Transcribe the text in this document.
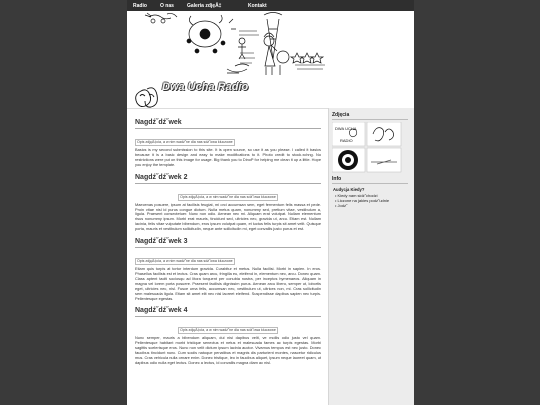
Radio	O nas	Galeria zdjęÄ‡	Kontakt
Dwa Ucha Radio
Nagdź˝dź˝wek
Opis zdjęÄ‡cia, a w nim wadź˝ne dla nas sdź˝owa kluczowe

Basics is my second submission to this site. It is open source, so use it as you please. I called it basics because it is a basic design and easy to make modifications to it. Photo credit to stock.xchng. No restrictions were put on this image for usage. Big thank you to DinoP for helping me clean it up a little. Hope you enjoy the template.

Nagdź˝dź˝wek 2
Opis zdjęÄ‡cia, a w nim wadź˝ne dla nas sdź˝owa kluczowe

Maecenas posuere, ipsum at facilisis feugiat, mi orci accumsan sem, eget fermentum felis massa et pede. Proin vitae nisl id purus congue dictum. Nulla metus quam, nonummy sed, pretium vitae, vestibulum a, ligula. Praesent consectetuer. Nunc non odio. Aenean nec mi. Aliquam erat volutpat. Nullam elementum risus nonummy ipsum. Morbi erat mauris, tincidunt sed, ultricies nec, gravida ut, arcu. Etiam est. Nullam lacinia, felis vitae vulputate bibendum, eros ipsum volutpat quam, et luctus felis turpis sit amet velit. Quisque porta, mauris et vestibulum sollicitudin, neque ante sollicitudin mi, eget convallis justo purus et est.

Nagdź˝dź˝wek 3
Opis zdjęÄ‡cia, a w nim wadź˝ne dla nas sdź˝owa kluczowe

Etiam quis turpis at tortor interdum gravida. Curabitur et metus. Nulla facilisi. Morbi in sapien. In eros. Phasellus facilisis est et lectus. Cras quam arcu, fringilla eu, eleifend in, elementum nec, arcu. Donec quam. Class aptent taciti sociosqu ad litora torquent per conubia nostra, per inceptos hymenaeos. Aliquam in magna vel lorem porta posuere. Praesent facilisis dignissim purus. Aenean arcu libero, semper ut, lobortis eget, ultricies nec, nisl. Fusce urna felis, accumsan nec, vestibulum ut, ultrices non, mi. Cras sollicitudin sem malesuada ligula. Etiam sit amet elit nec nisl laoreet eleifend. Suspendisse dapibus sapien nec turpis. Pellentesque egestas.

Nagdź˝dź˝wek 4
Opis zdjęÄ‡cia, a w nim wadź˝ne dla nas sdź˝owa kluczowe

Nunc semper, mauris a bibendum aliquam, dui nisi dapibus velit, ve mollis odio justo vel quam. Pellentesque habitant morbi tristique senectus et netus et malesuada fames ac turpis egestas. Morbi sagittis scelerisque eros. Nunc non velit dictum ipsum lacinia auctor. Vivamus tempus est nec justo. Donec faucibus tincidunt nunc. Cum sociis natoque penatibus et magnis dis parturient montes, nascetur ridiculus mus. Cras vehicula nulla ornare enim. Donec tristique, leo in faucibus aliquet, ipsum neque laoreet quam, ut dapibus odio nulla eget lectus. Donec a lectus, id convallis magna diam ac nisl.

Zdjęcia
DWA UCHA
RADIO
Info
Audycja Kiedy?
• Kiedy nam sidź˝chodzi
• Liczone na jakies podź˝udnie
• Jodź˝
